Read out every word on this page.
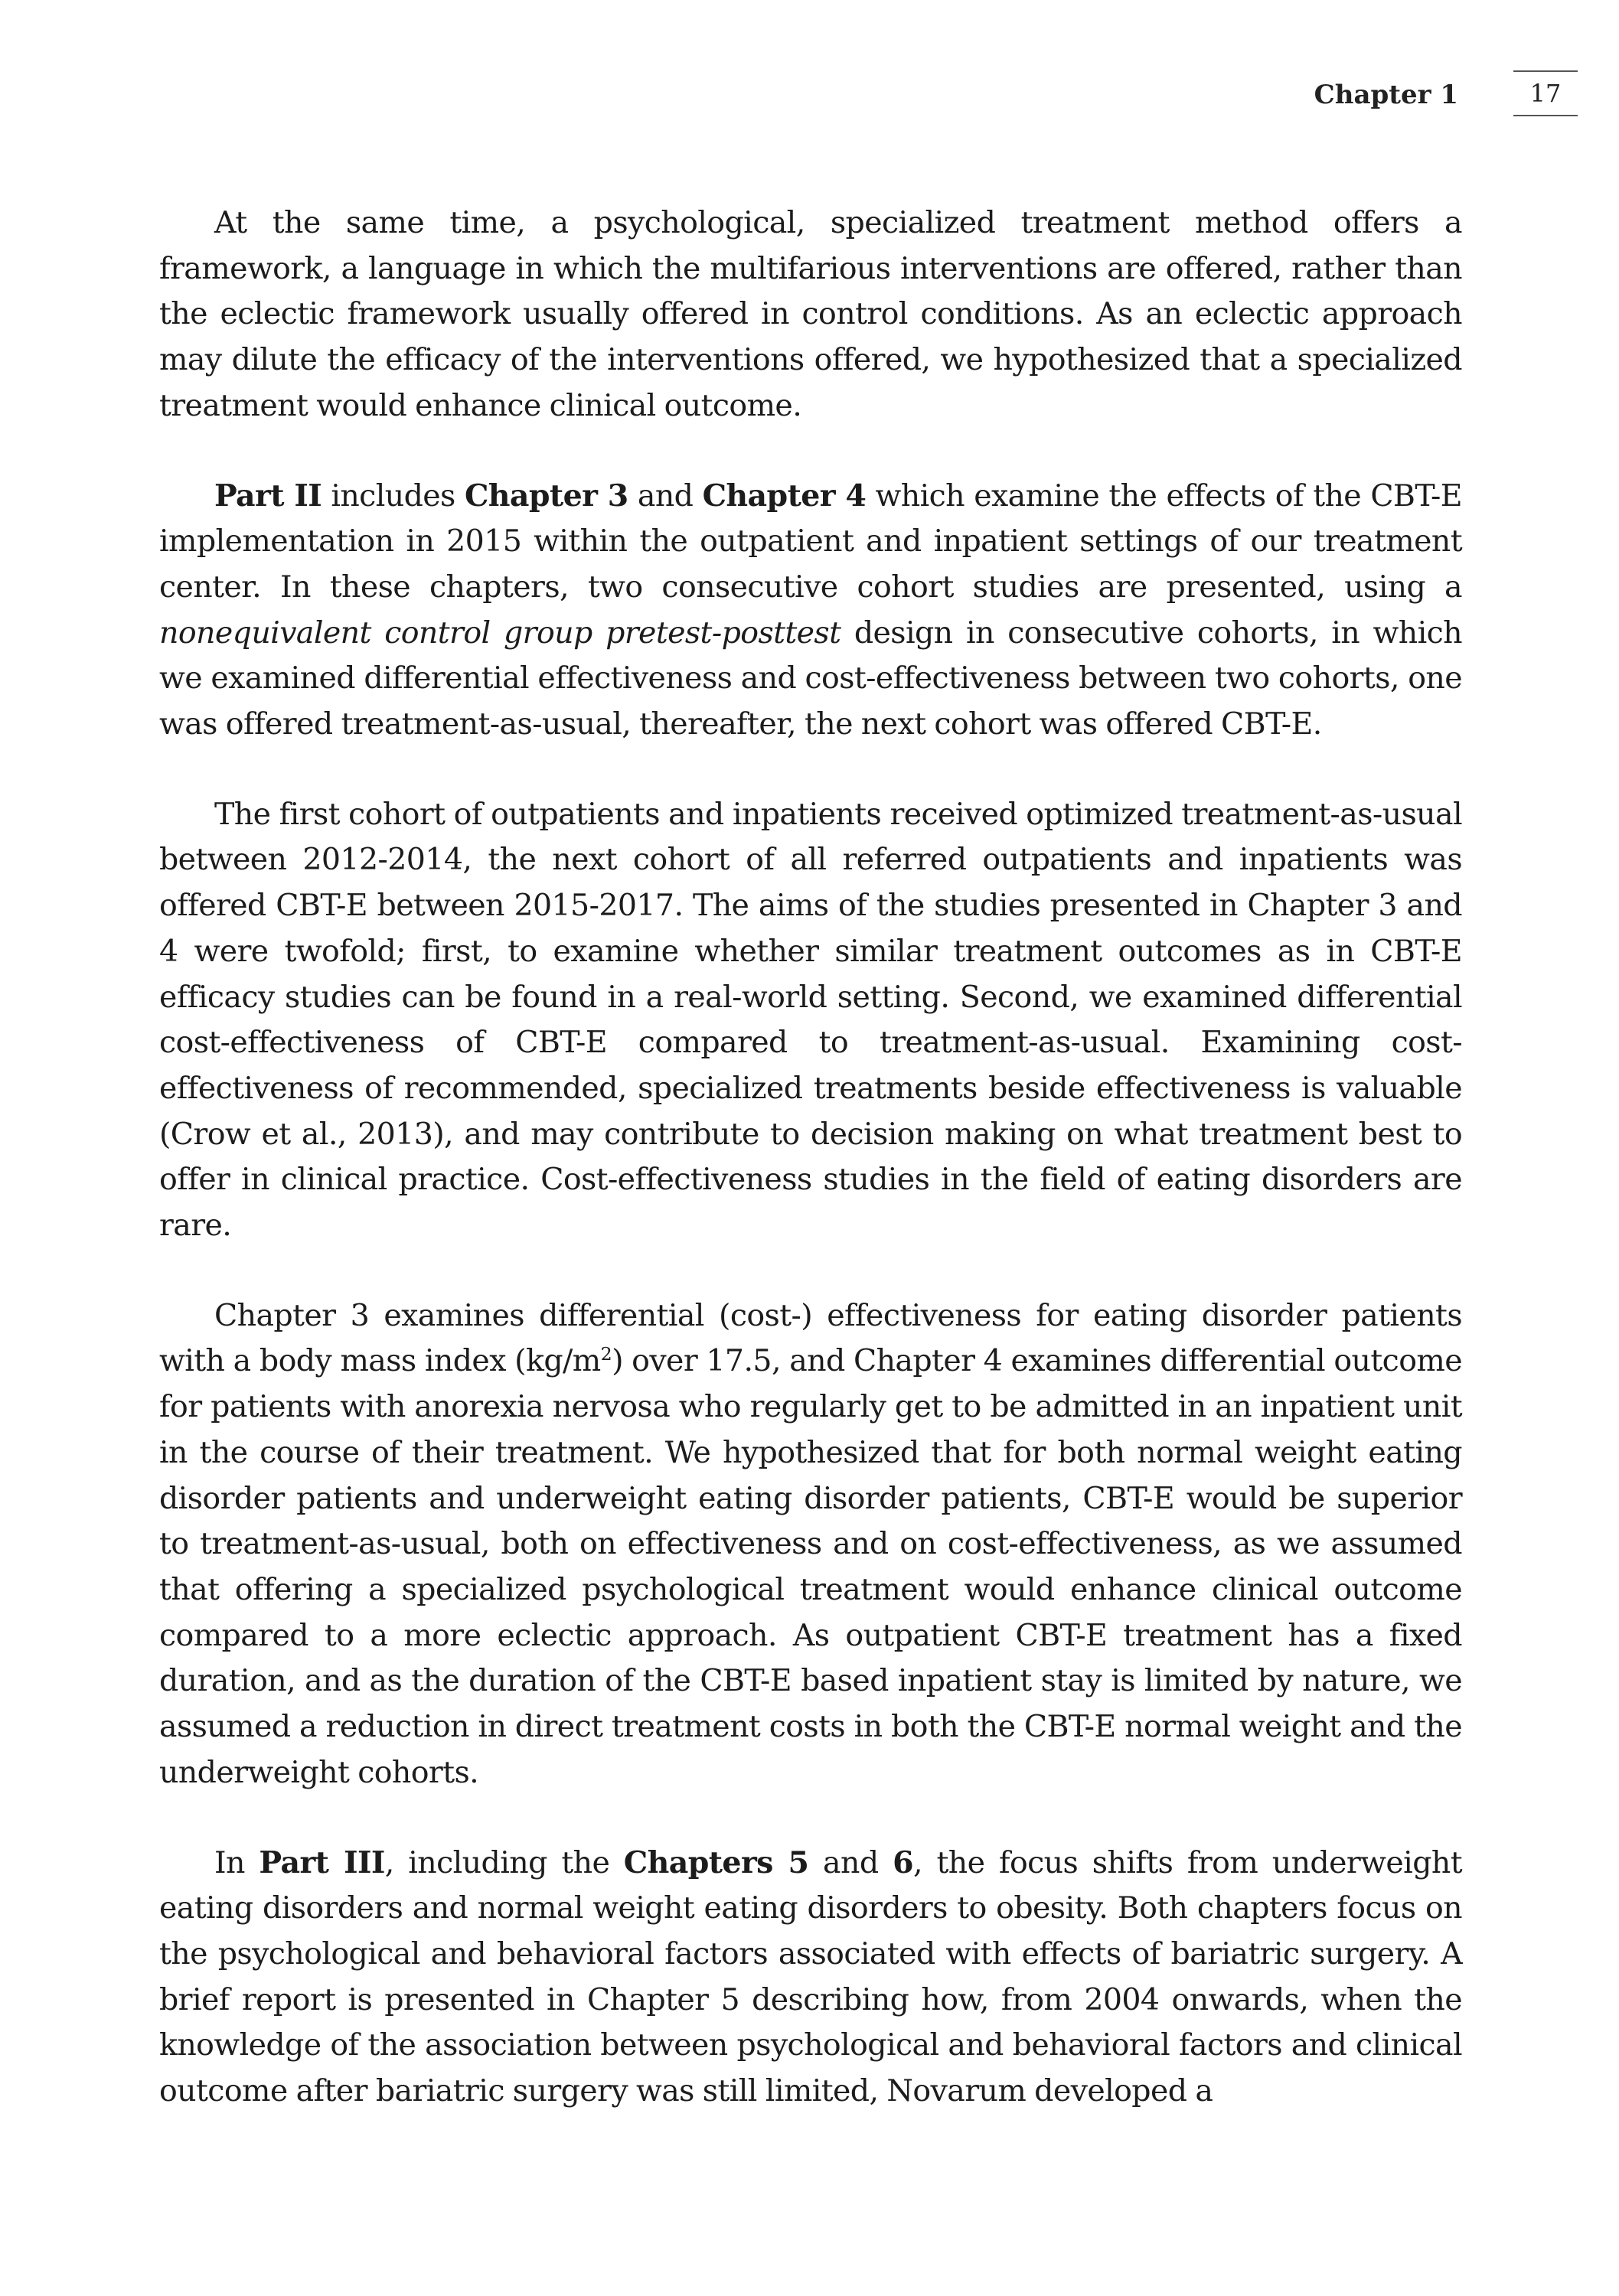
Chapter 1	17

At the same time, a psychological, specialized treatment method offers a framework, a language in which the multifarious interventions are offered, rather than the eclectic framework usually offered in control conditions. As an eclectic approach may dilute the efficacy of the interventions offered, we hypothesized that a specialized treatment would enhance clinical outcome.

Part II includes Chapter 3 and Chapter 4 which examine the effects of the CBT-E implementation in 2015 within the outpatient and inpatient settings of our treatment center. In these chapters, two consecutive cohort studies are presented, using a nonequivalent control group pretest-posttest design in consecutive cohorts, in which we examined differential effectiveness and cost-effectiveness between two cohorts, one was offered treatment-as-usual, thereafter, the next cohort was offered CBT-E.

The first cohort of outpatients and inpatients received optimized treatment-as-usual between 2012-2014, the next cohort of all referred outpatients and inpatients was offered CBT-E between 2015-2017. The aims of the studies presented in Chapter 3 and 4 were twofold; first, to examine whether similar treatment outcomes as in CBT-E efficacy studies can be found in a real-world setting. Second, we examined differential cost-effectiveness of CBT-E compared to treatment-as-usual. Examining cost-effectiveness of recommended, specialized treatments beside effectiveness is valuable (Crow et al., 2013), and may contribute to decision making on what treatment best to offer in clinical practice. Cost-effectiveness studies in the field of eating disorders are rare.

Chapter 3 examines differential (cost-) effectiveness for eating disorder patients with a body mass index $(kg/m^2)$ over 17.5, and Chapter 4 examines differential outcome for patients with anorexia nervosa who regularly get to be admitted in an inpatient unit in the course of their treatment. We hypothesized that for both normal weight eating disorder patients and underweight eating disorder patients, CBT-E would be superior to treatment-as-usual, both on effectiveness and on cost-effectiveness, as we assumed that offering a specialized psychological treatment would enhance clinical outcome compared to a more eclectic approach. As outpatient CBT-E treatment has a fixed duration, and as the duration of the CBT-E based inpatient stay is limited by nature, we assumed a reduction in direct treatment costs in both the CBT-E normal weight and the underweight cohorts.

In Part III, including the Chapters 5 and 6, the focus shifts from underweight eating disorders and normal weight eating disorders to obesity. Both chapters focus on the psychological and behavioral factors associated with effects of bariatric surgery. A brief report is presented in Chapter 5 describing how, from 2004 onwards, when the knowledge of the association between psychological and behavioral factors and clinical outcome after bariatric surgery was still limited, Novarum developed a
